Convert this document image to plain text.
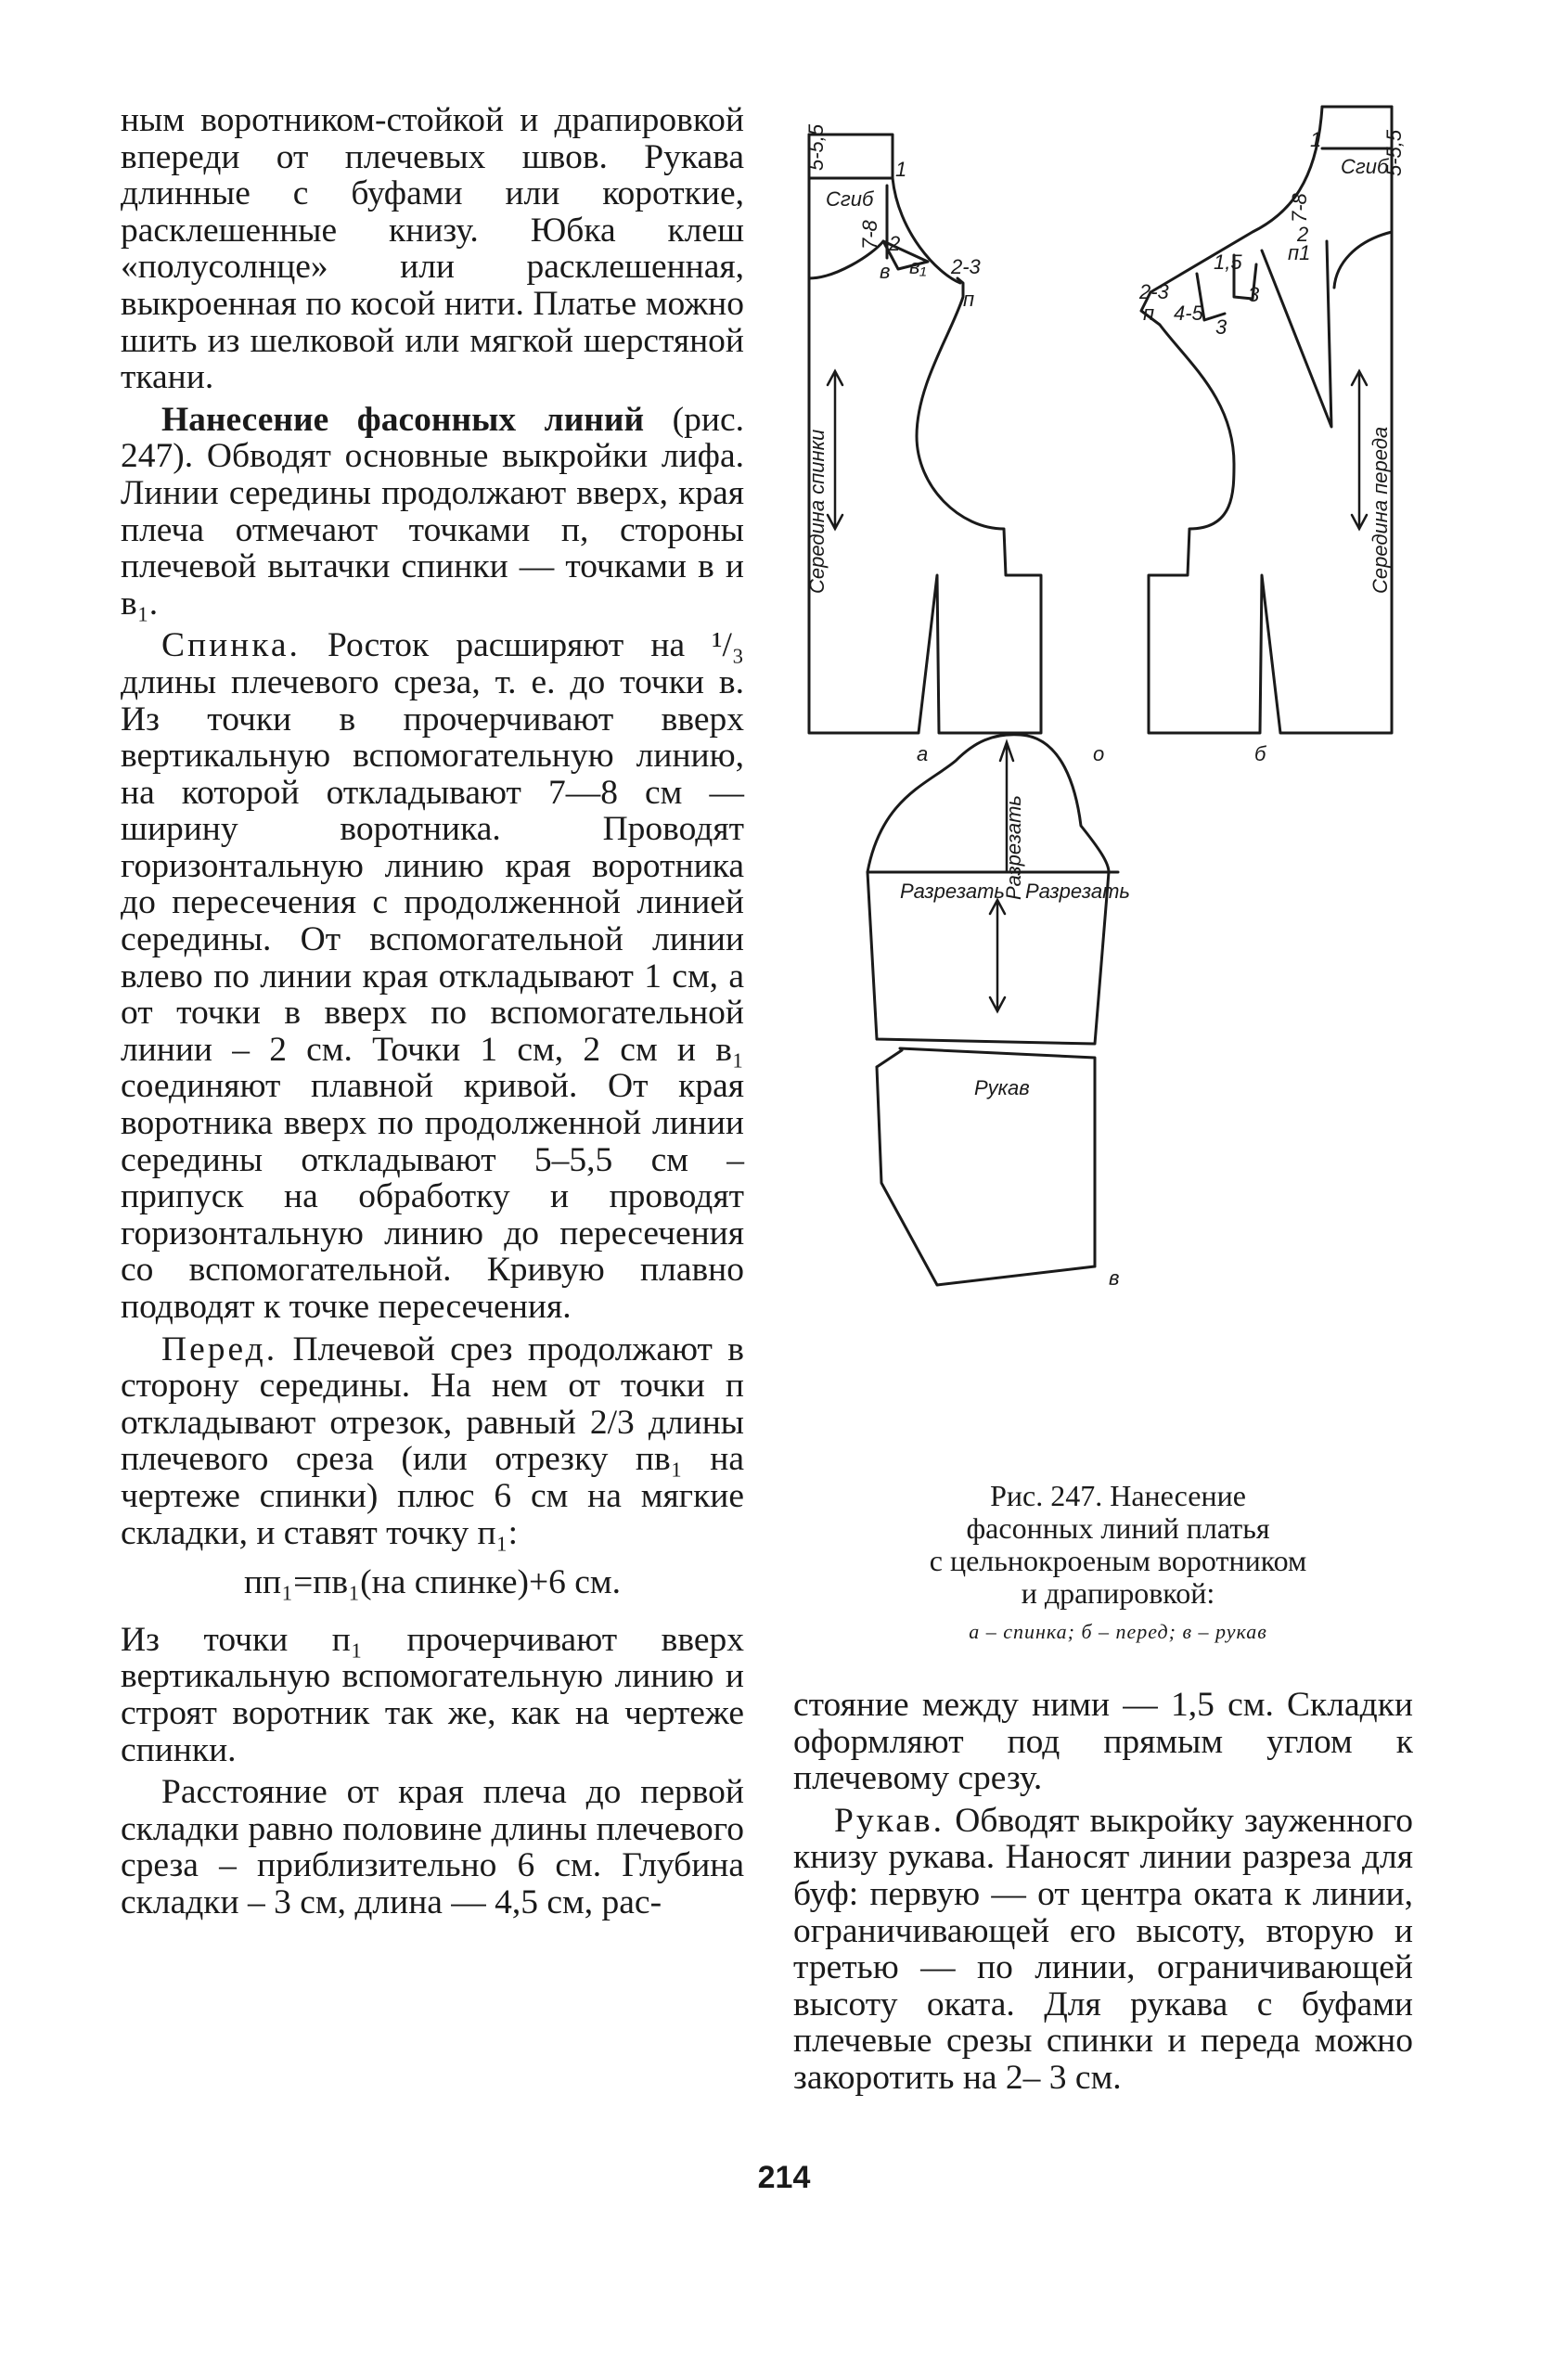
ным воротником-стойкой и драпировкой впереди от плечевых швов. Рукава длинные с буфами или короткие, расклешенные книзу. Юбка клеш «полусолнце» или расклешенная, выкроенная по косой нити. Платье можно шить из шелковой или мягкой шерстяной ткани.

Нанесение фасонных линий (рис. 247). Обводят основные выкройки лифа. Линии середины продолжают вверх, края плеча отмечают точками п, стороны плечевой вытачки спинки — точками в и в₁.

Спинка. Росток расширяют на ¹/₃ длины плечевого среза, т. е. до точки в. Из точки в прочерчивают вверх вертикальную вспомогательную линию, на которой откладывают 7—8 см — ширину воротника. Проводят горизонтальную линию края воротника до пересечения с продолженной линией середины. От вспомогательной линии влево по линии края откладывают 1 см, а от точки в вверх по вспомогательной линии – 2 см. Точки 1 см, 2 см и в₁ соединяют плавной кривой. От края воротника вверх по продолженной линии середины откладывают 5–5,5 см – припуск на обработку и проводят горизонтальную линию до пересечения со вспомогательной. Кривую плавно подводят к точке пересечения.

Перед. Плечевой срез продолжают в сторону середины. На нем от точки п откладывают отрезок, равный 2/3 длины плечевого среза (или отрезку пв₁ на чертеже спинки) плюс 6 см на мягкие складки, и ставят точку п₁:

пп₁=пв₁(на спинке)+6 см.

Из точки п₁ прочерчивают вверх вертикальную вспомогательную линию и строят воротник так же, как на чертеже спинки.

Расстояние от края плеча до первой складки равно половине длины плечевого среза – приблизительно 6 см. Глубина складки – 3 см, длина — 4,5 см, рас-

5-5,5
Сгиб
7-8
1
2
в в₁ 2-3
п
Середина спинки
5-5,5
Сгиб
7-8
1
2
п1
1,5
3
3
4-5
2-3
п
Середина переда
а	о	б
Разрезать
Разрезать Разрезать
Рукав
в
Рис. 247. Нанесение
фасонных линий платья
с цельнокроеным воротником
и драпировкой:
а – спинка; б – перед; в – рукав

стояние между ними — 1,5 см. Складки оформляют под прямым углом к плечевому срезу.

Рукав. Обводят выкройку зауженного книзу рукава. Наносят линии разреза для буф: первую — от центра оката к линии, ограничивающей его высоту, вторую и третью — по линии, ограничивающей высоту оката. Для рукава с буфами плечевые срезы спинки и переда можно закоротить на 2– 3 см.

214
